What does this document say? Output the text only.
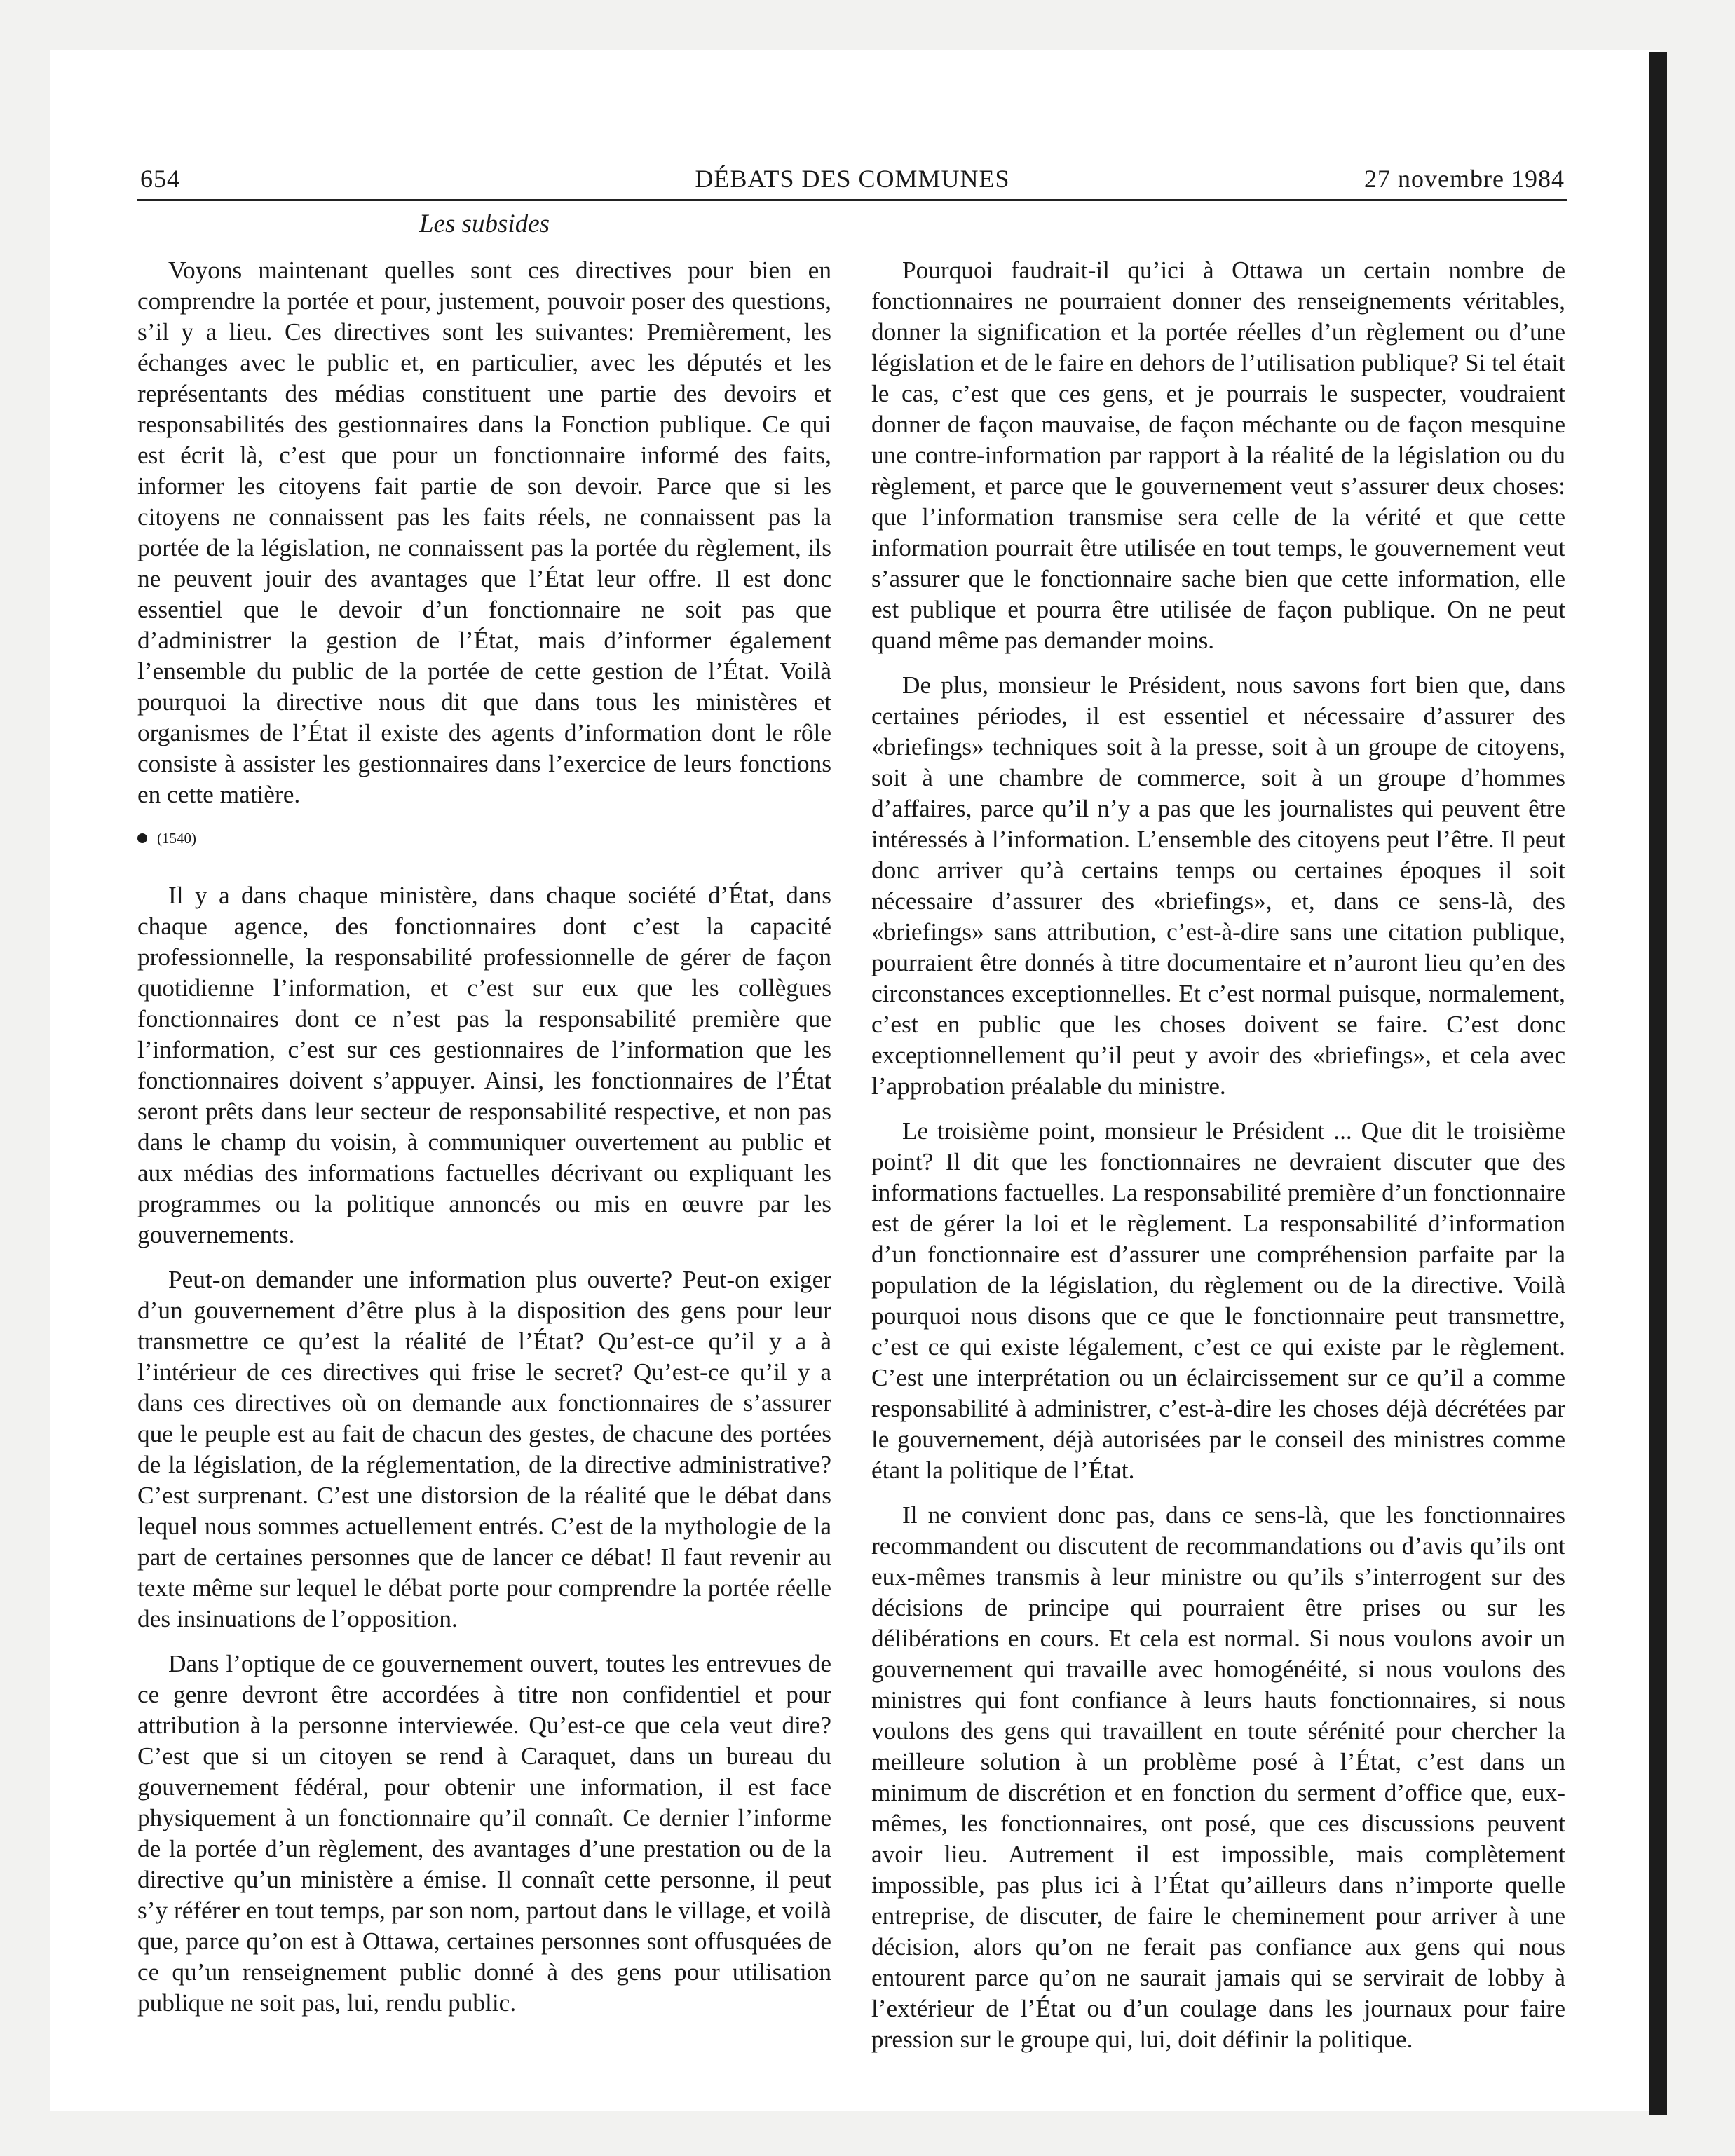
654	DÉBATS DES COMMUNES	27 novembre 1984
Les subsides

Voyons maintenant quelles sont ces directives pour bien en comprendre la portée et pour, justement, pouvoir poser des questions, s’il y a lieu. Ces directives sont les suivantes: Premièrement, les échanges avec le public et, en particulier, avec les députés et les représentants des médias constituent une partie des devoirs et responsabilités des gestionnaires dans la Fonction publique. Ce qui est écrit là, c’est que pour un fonctionnaire informé des faits, informer les citoyens fait partie de son devoir. Parce que si les citoyens ne connaissent pas les faits réels, ne connaissent pas la portée de la législation, ne connaissent pas la portée du règlement, ils ne peuvent jouir des avantages que l’État leur offre. Il est donc essentiel que le devoir d’un fonctionnaire ne soit pas que d’administrer la gestion de l’État, mais d’informer également l’ensemble du public de la portée de cette gestion de l’État. Voilà pourquoi la directive nous dit que dans tous les ministères et organismes de l’État il existe des agents d’information dont le rôle consiste à assister les gestionnaires dans l’exercice de leurs fonctions en cette matière.

(1540)

Il y a dans chaque ministère, dans chaque société d’État, dans chaque agence, des fonctionnaires dont c’est la capacité professionnelle, la responsabilité professionnelle de gérer de façon quotidienne l’information, et c’est sur eux que les collègues fonctionnaires dont ce n’est pas la responsabilité première que l’information, c’est sur ces gestionnaires de l’information que les fonctionnaires doivent s’appuyer. Ainsi, les fonctionnaires de l’État seront prêts dans leur secteur de responsabilité respective, et non pas dans le champ du voisin, à communiquer ouvertement au public et aux médias des informations factuelles décrivant ou expliquant les programmes ou la politique annoncés ou mis en œuvre par les gouvernements.

Peut-on demander une information plus ouverte? Peut-on exiger d’un gouvernement d’être plus à la disposition des gens pour leur transmettre ce qu’est la réalité de l’État? Qu’est-ce qu’il y a à l’intérieur de ces directives qui frise le secret? Qu’est-ce qu’il y a dans ces directives où on demande aux fonctionnaires de s’assurer que le peuple est au fait de chacun des gestes, de chacune des portées de la législation, de la réglementation, de la directive administrative? C’est surprenant. C’est une distorsion de la réalité que le débat dans lequel nous sommes actuellement entrés. C’est de la mythologie de la part de certaines personnes que de lancer ce débat! Il faut revenir au texte même sur lequel le débat porte pour comprendre la portée réelle des insinuations de l’opposition.

Dans l’optique de ce gouvernement ouvert, toutes les entrevues de ce genre devront être accordées à titre non confidentiel et pour attribution à la personne interviewée. Qu’est-ce que cela veut dire? C’est que si un citoyen se rend à Caraquet, dans un bureau du gouvernement fédéral, pour obtenir une information, il est face physiquement à un fonctionnaire qu’il connaît. Ce dernier l’informe de la portée d’un règlement, des avantages d’une prestation ou de la directive qu’un ministère a émise. Il connaît cette personne, il peut s’y référer en tout temps, par son nom, partout dans le village, et voilà que, parce qu’on est à Ottawa, certaines personnes sont offusquées de ce qu’un renseignement public donné à des gens pour utilisation publique ne soit pas, lui, rendu public.

Pourquoi faudrait-il qu’ici à Ottawa un certain nombre de fonctionnaires ne pourraient donner des renseignements véritables, donner la signification et la portée réelles d’un règlement ou d’une législation et de le faire en dehors de l’utilisation publique? Si tel était le cas, c’est que ces gens, et je pourrais le suspecter, voudraient donner de façon mauvaise, de façon méchante ou de façon mesquine une contre-information par rapport à la réalité de la législation ou du règlement, et parce que le gouvernement veut s’assurer deux choses: que l’information transmise sera celle de la vérité et que cette information pourrait être utilisée en tout temps, le gouvernement veut s’assurer que le fonctionnaire sache bien que cette information, elle est publique et pourra être utilisée de façon publique. On ne peut quand même pas demander moins.

De plus, monsieur le Président, nous savons fort bien que, dans certaines périodes, il est essentiel et nécessaire d’assurer des «briefings» techniques soit à la presse, soit à un groupe de citoyens, soit à une chambre de commerce, soit à un groupe d’hommes d’affaires, parce qu’il n’y a pas que les journalistes qui peuvent être intéressés à l’information. L’ensemble des citoyens peut l’être. Il peut donc arriver qu’à certains temps ou certaines époques il soit nécessaire d’assurer des «briefings», et, dans ce sens-là, des «briefings» sans attribution, c’est-à-dire sans une citation publique, pourraient être donnés à titre documentaire et n’auront lieu qu’en des circonstances exceptionnelles. Et c’est normal puisque, normalement, c’est en public que les choses doivent se faire. C’est donc exceptionnellement qu’il peut y avoir des «briefings», et cela avec l’approbation préalable du ministre.

Le troisième point, monsieur le Président ... Que dit le troisième point? Il dit que les fonctionnaires ne devraient discuter que des informations factuelles. La responsabilité première d’un fonctionnaire est de gérer la loi et le règlement. La responsabilité d’information d’un fonctionnaire est d’assurer une compréhension parfaite par la population de la législation, du règlement ou de la directive. Voilà pourquoi nous disons que ce que le fonctionnaire peut transmettre, c’est ce qui existe légalement, c’est ce qui existe par le règlement. C’est une interprétation ou un éclaircissement sur ce qu’il a comme responsabilité à administrer, c’est-à-dire les choses déjà décrétées par le gouvernement, déjà autorisées par le conseil des ministres comme étant la politique de l’État.

Il ne convient donc pas, dans ce sens-là, que les fonctionnaires recommandent ou discutent de recommandations ou d’avis qu’ils ont eux-mêmes transmis à leur ministre ou qu’ils s’interrogent sur des décisions de principe qui pourraient être prises ou sur les délibérations en cours. Et cela est normal. Si nous voulons avoir un gouvernement qui travaille avec homogénéité, si nous voulons des ministres qui font confiance à leurs hauts fonctionnaires, si nous voulons des gens qui travaillent en toute sérénité pour chercher la meilleure solution à un problème posé à l’État, c’est dans un minimum de discrétion et en fonction du serment d’office que, eux-mêmes, les fonctionnaires, ont posé, que ces discussions peuvent avoir lieu. Autrement il est impossible, mais complètement impossible, pas plus ici à l’État qu’ailleurs dans n’importe quelle entreprise, de discuter, de faire le cheminement pour arriver à une décision, alors qu’on ne ferait pas confiance aux gens qui nous entourent parce qu’on ne saurait jamais qui se servirait de lobby à l’extérieur de l’État ou d’un coulage dans les journaux pour faire pression sur le groupe qui, lui, doit définir la politique.
